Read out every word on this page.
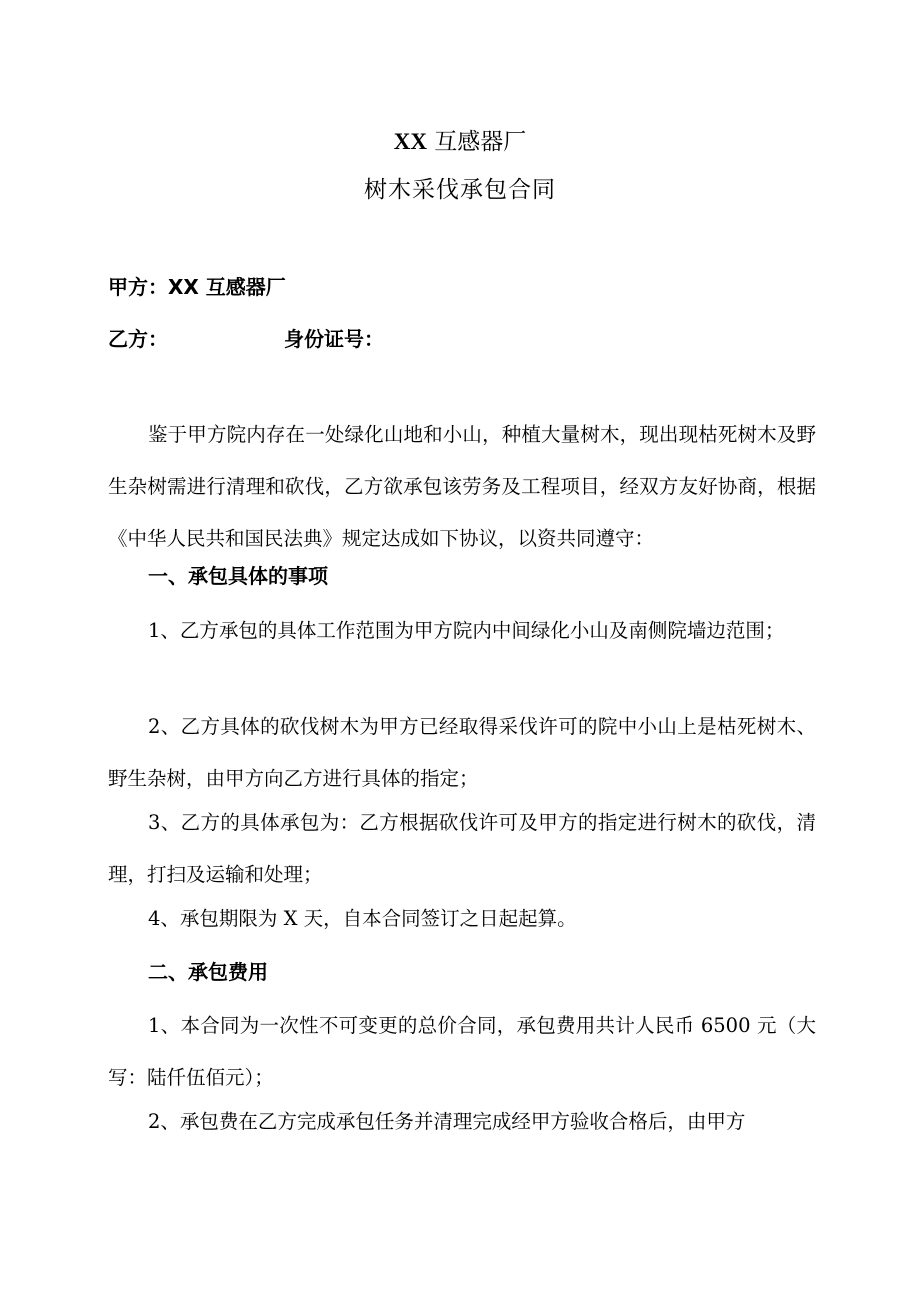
XX 互感器厂
树木采伐承包合同
甲方：XX 互感器厂
乙方：	身份证号：

鉴于甲方院内存在一处绿化山地和小山，种植大量树木，现出现枯死树木及野生杂树需进行清理和砍伐，乙方欲承包该劳务及工程项目，经双方友好协商，根据《中华人民共和国民法典》规定达成如下协议，以资共同遵守：

一、承包具体的事项

1、乙方承包的具体工作范围为甲方院内中间绿化小山及南侧院墙边范围；

2、乙方具体的砍伐树木为甲方已经取得采伐许可的院中小山上是枯死树木、野生杂树，由甲方向乙方进行具体的指定；

3、乙方的具体承包为：乙方根据砍伐许可及甲方的指定进行树木的砍伐，清理，打扫及运输和处理；

4、承包期限为 X 天，自本合同签订之日起起算。

二、承包费用

1、本合同为一次性不可变更的总价合同，承包费用共计人民币 6500 元（大写：陆仟伍佰元）；

2、承包费在乙方完成承包任务并清理完成经甲方验收合格后，由甲方
